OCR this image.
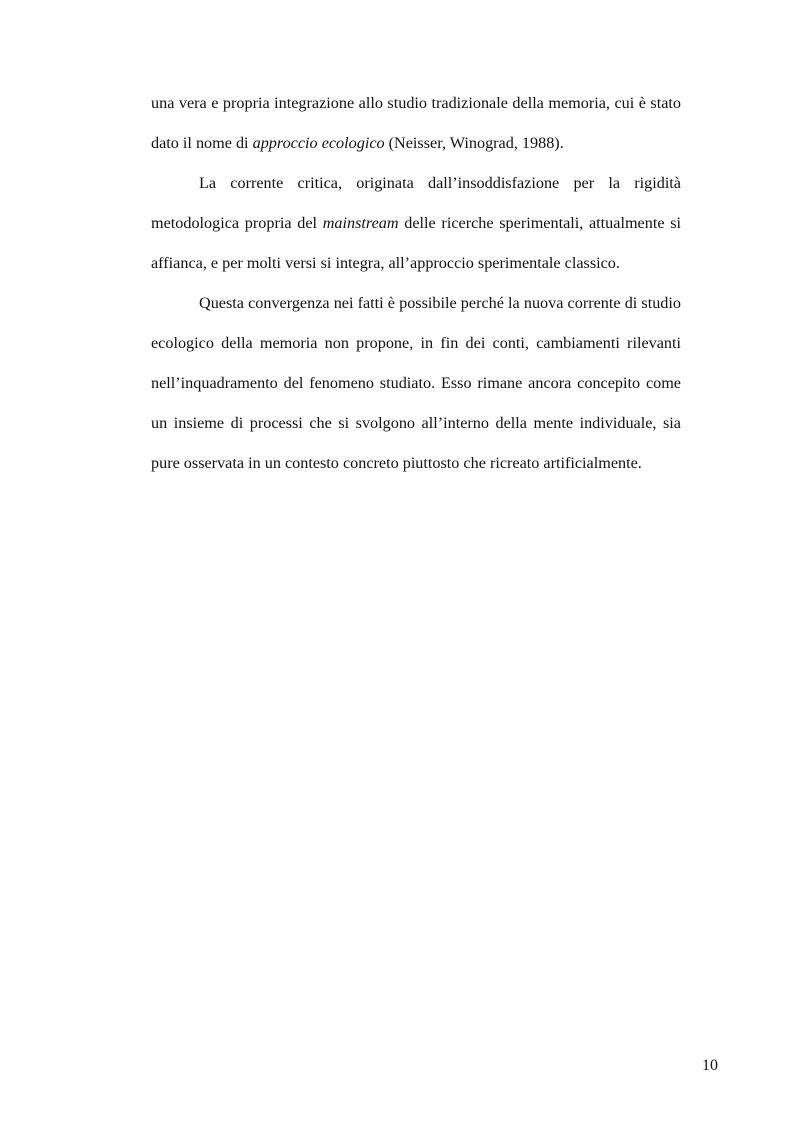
una vera e propria integrazione allo studio tradizionale della memoria, cui è stato dato il nome di approccio ecologico (Neisser, Winograd, 1988).

La corrente critica, originata dall’insoddisfazione per la rigidità metodologica propria del mainstream delle ricerche sperimentali, attualmente si affianca, e per molti versi si integra, all’approccio sperimentale classico.

Questa convergenza nei fatti è possibile perché la nuova corrente di studio ecologico della memoria non propone, in fin dei conti, cambiamenti rilevanti nell’inquadramento del fenomeno studiato. Esso rimane ancora concepito come un insieme di processi che si svolgono all’interno della mente individuale, sia pure osservata in un contesto concreto piuttosto che ricreato artificialmente.

10
